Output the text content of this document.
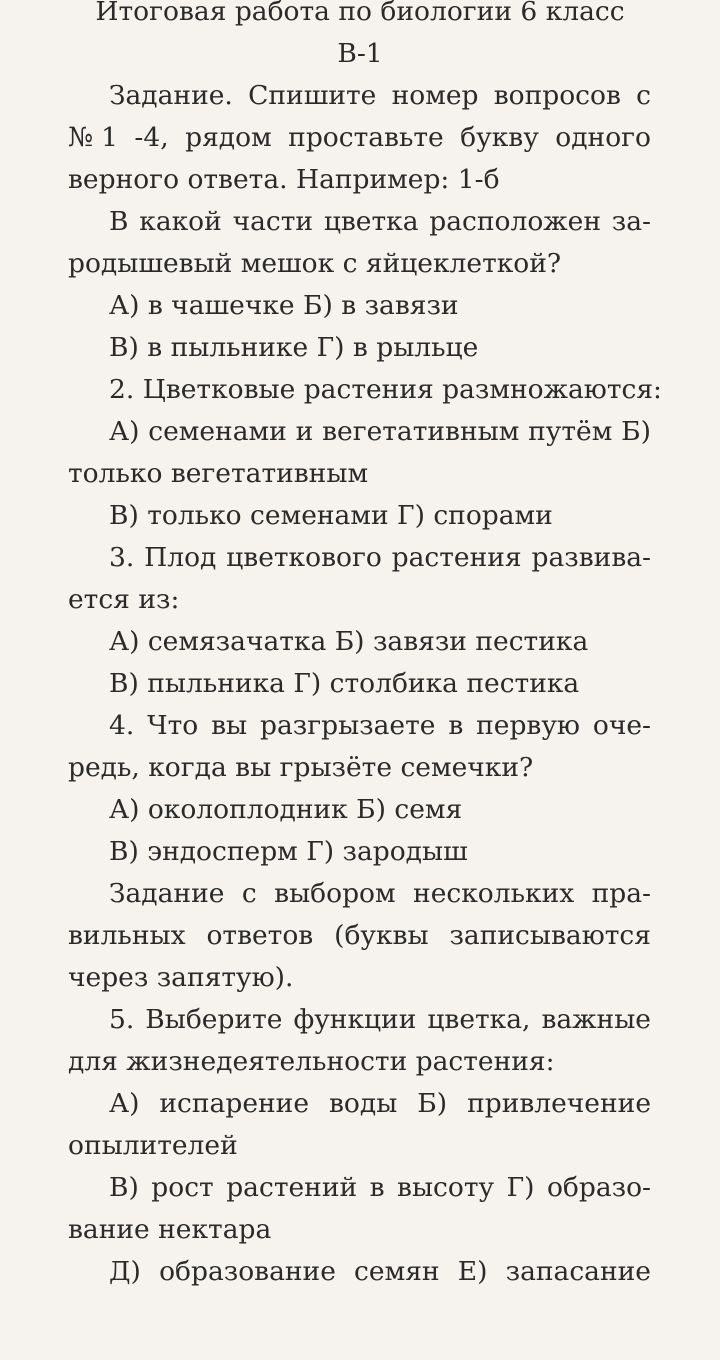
Итоговая работа по биологии 6 класс
В-1
Задание. Спишите номер вопросов с
№1 -4, рядом проставьте букву одного
верного ответа. Например: 1-б
В какой части цветка расположен за-
родышевый мешок с яйцеклеткой?
А) в чашечке Б) в завязи
В) в пыльнике Г) в рыльце
2. Цветковые растения размножаются:
А) семенами и вегетативным путём Б)
только вегетативным
В) только семенами Г) спорами
3. Плод цветкового растения развива-
ется из:
А) семязачатка Б) завязи пестика
В) пыльника Г) столбика пестика
4. Что вы разгрызаете в первую оче-
редь, когда вы грызёте семечки?
А) околоплодник Б) семя
В) эндосперм Г) зародыш
Задание с выбором нескольких пра-
вильных ответов (буквы записываются
через запятую).
5. Выберите функции цветка, важные
для жизнедеятельности растения:
А) испарение воды Б) привлечение
опылителей
В) рост растений в высоту Г) образо-
вание нектара
Д) образование семян Е) запасание
